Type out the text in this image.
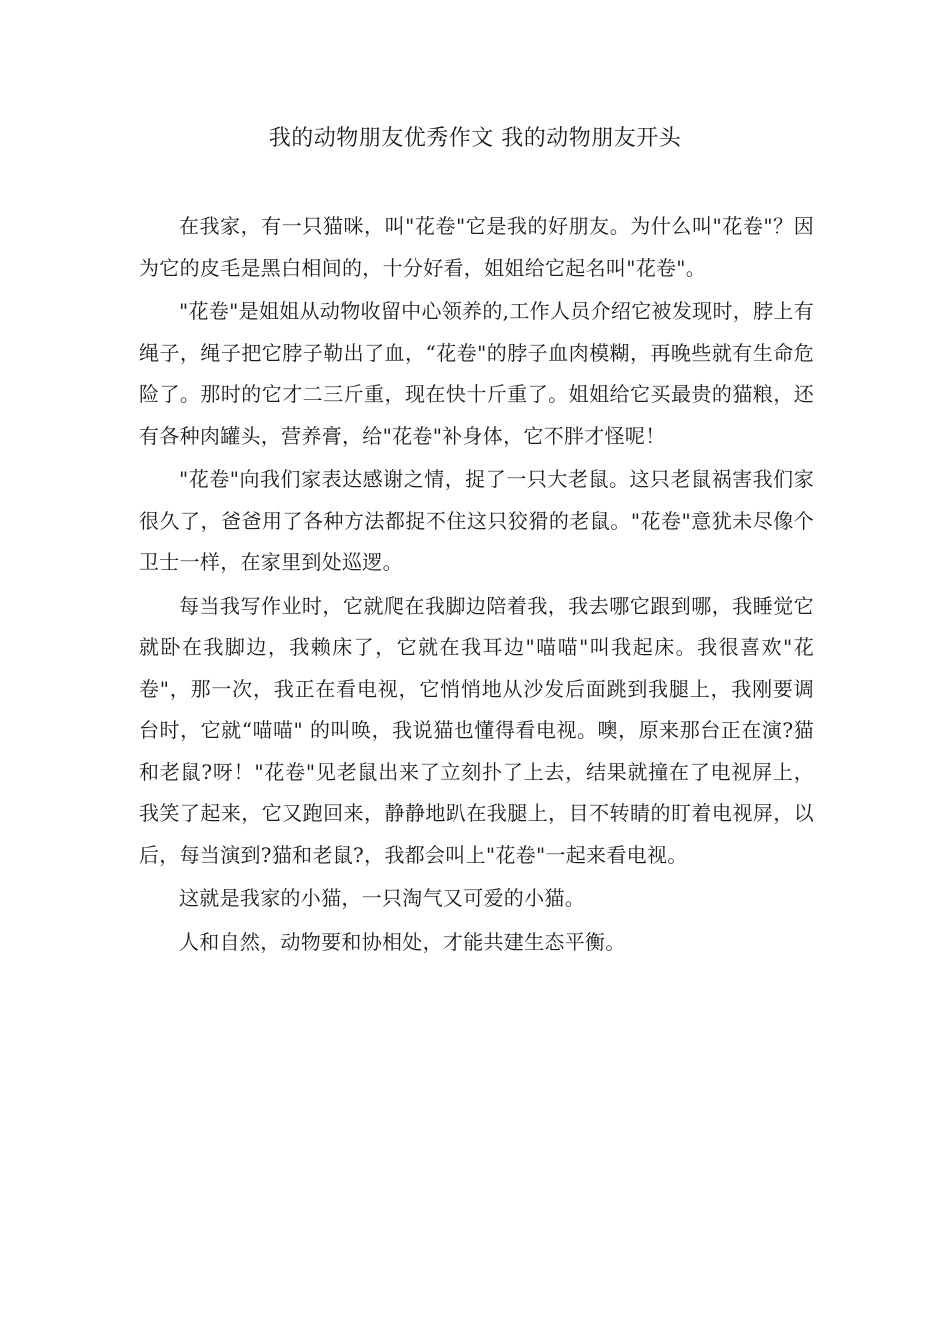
我的动物朋友优秀作文 我的动物朋友开头

在我家，有一只猫咪，叫"花卷"它是我的好朋友。为什么叫"花卷"？因为它的皮毛是黑白相间的，十分好看，姐姐给它起名叫"花卷"。

"花卷"是姐姐从动物收留中心领养的,工作人员介绍它被发现时，脖上有绳子，绳子把它脖子勒出了血，“花卷"的脖子血肉模糊，再晚些就有生命危险了。那时的它才二三斤重，现在快十斤重了。姐姐给它买最贵的猫粮，还有各种肉罐头，营养膏，给"花卷"补身体，它不胖才怪呢！

"花卷"向我们家表达感谢之情，捉了一只大老鼠。这只老鼠祸害我们家很久了，爸爸用了各种方法都捉不住这只狡猾的老鼠。"花卷"意犹未尽像个卫士一样，在家里到处巡逻。

每当我写作业时，它就爬在我脚边陪着我，我去哪它跟到哪，我睡觉它就卧在我脚边，我赖床了，它就在我耳边"喵喵"叫我起床。我很喜欢"花卷"，那一次，我正在看电视，它悄悄地从沙发后面跳到我腿上，我刚要调台时，它就“喵喵" 的叫唤，我说猫也懂得看电视。噢，原来那台正在演?猫和老鼠?呀！"花卷"见老鼠出来了立刻扑了上去，结果就撞在了电视屏上，我笑了起来，它又跑回来，静静地趴在我腿上，目不转睛的盯着电视屏，以后，每当演到?猫和老鼠?，我都会叫上"花卷"一起来看电视。

这就是我家的小猫，一只淘气又可爱的小猫。

人和自然，动物要和协相处，才能共建生态平衡。
